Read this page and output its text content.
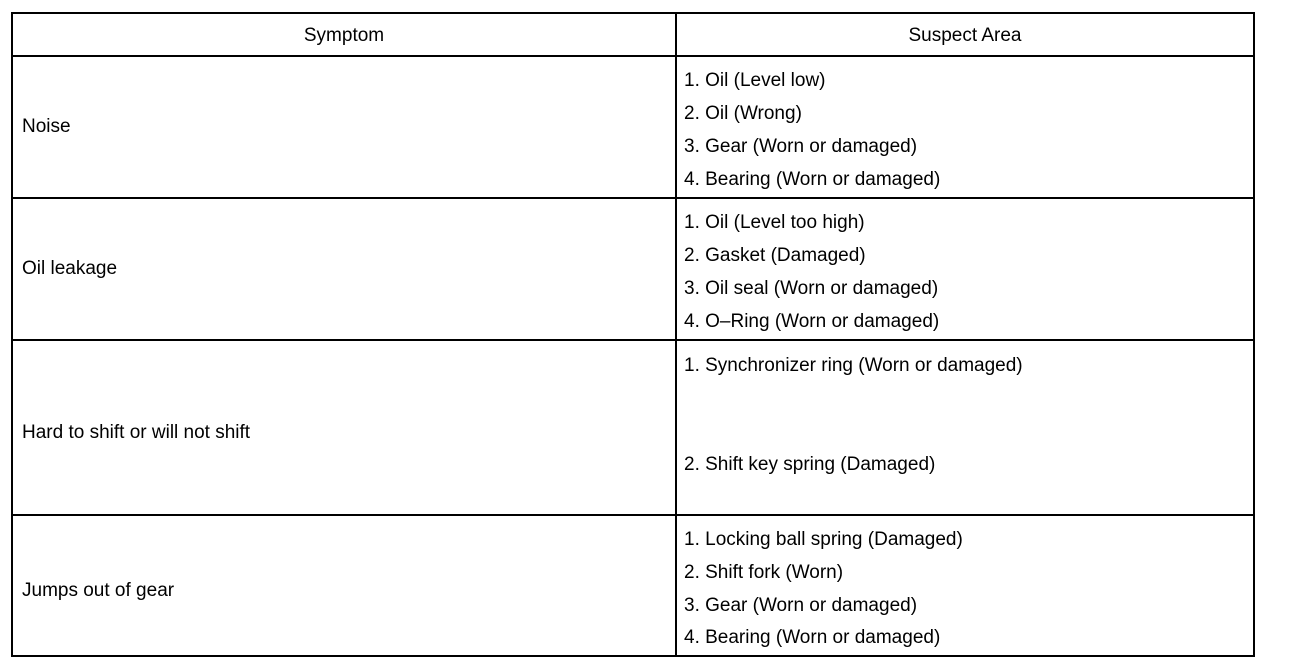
Symptom	Suspect Area
Noise
1. Oil (Level low)
2. Oil (Wrong)
3. Gear (Worn or damaged)
4. Bearing (Worn or damaged)
Oil leakage
1. Oil (Level too high)
2. Gasket (Damaged)
3. Oil seal (Worn or damaged)
4. O–Ring (Worn or damaged)
Hard to shift or will not shift
1. Synchronizer ring (Worn or damaged)
2. Shift key spring (Damaged)
Jumps out of gear
1. Locking ball spring (Damaged)
2. Shift fork (Worn)
3. Gear (Worn or damaged)
4. Bearing (Worn or damaged)
